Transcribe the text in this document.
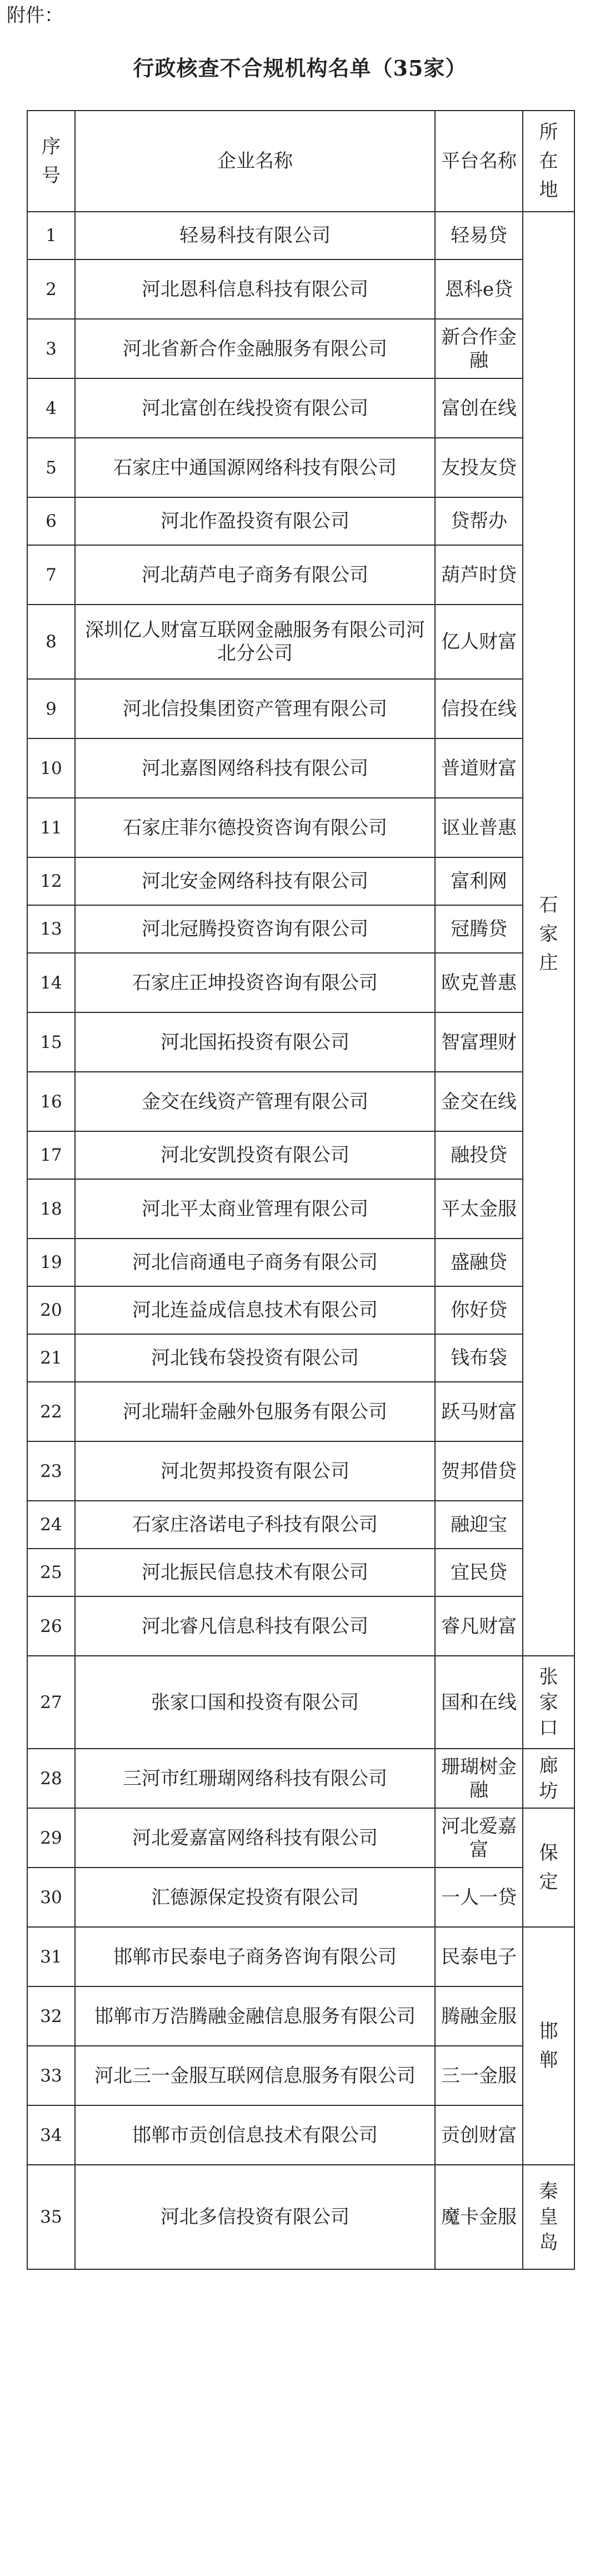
附件：
行政核查不合规机构名单（35家）
序号	企业名称	平台名称	所在地
1	轻易科技有限公司	轻易贷	石家庄
2	河北恩科信息科技有限公司	恩科e贷	
3	河北省新合作金融服务有限公司	新合作金融	
4	河北富创在线投资有限公司	富创在线	
5	石家庄中通国源网络科技有限公司	友投友贷	
6	河北作盈投资有限公司	贷帮办	
7	河北葫芦电子商务有限公司	葫芦时贷	
8	深圳亿人财富互联网金融服务有限公司河北分公司	亿人财富	
9	河北信投集团资产管理有限公司	信投在线	
10	河北嘉图网络科技有限公司	普道财富	
11	石家庄菲尔德投资咨询有限公司	讴业普惠	
12	河北安金网络科技有限公司	富利网	
13	河北冠腾投资咨询有限公司	冠腾贷	
14	石家庄正坤投资咨询有限公司	欧克普惠	
15	河北国拓投资有限公司	智富理财	
16	金交在线资产管理有限公司	金交在线	
17	河北安凯投资有限公司	融投贷	
18	河北平太商业管理有限公司	平太金服	
19	河北信商通电子商务有限公司	盛融贷	
20	河北连益成信息技术有限公司	你好贷	
21	河北钱布袋投资有限公司	钱布袋	
22	河北瑞轩金融外包服务有限公司	跃马财富	
23	河北贺邦投资有限公司	贺邦借贷	
24	石家庄洛诺电子科技有限公司	融迎宝	
25	河北振民信息技术有限公司	宜民贷	
26	河北睿凡信息科技有限公司	睿凡财富	
27	张家口国和投资有限公司	国和在线	张家口
28	三河市红珊瑚网络科技有限公司	珊瑚树金融	廊坊
29	河北爱嘉富网络科技有限公司	河北爱嘉富	保定
30	汇德源保定投资有限公司	一人一贷	
31	邯郸市民泰电子商务咨询有限公司	民泰电子	邯郸
32	邯郸市万浩腾融金融信息服务有限公司	腾融金服	
33	河北三一金服互联网信息服务有限公司	三一金服	
34	邯郸市贡创信息技术有限公司	贡创财富	
35	河北多信投资有限公司	魔卡金服	秦皇岛
